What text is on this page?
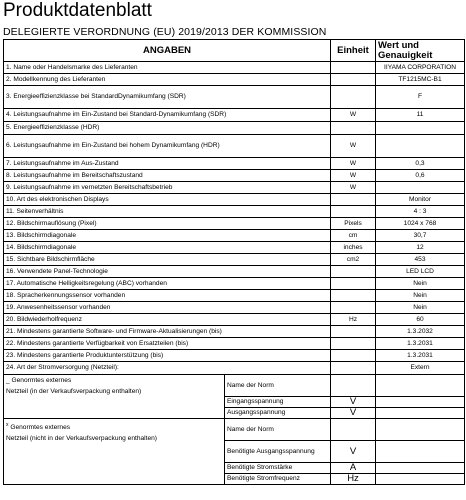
Produktdatenblatt
DELEGIERTE VERORDNUNG (EU) 2019/2013 DER KOMMISSION
ANGABEN		Einheit	Wert und Genauigkeit
1. Name oder Handelsmarke des Lieferanten			IIYAMA CORPORATION
2. Modellkennung des Lieferanten			TF1215MC-B1
3. Energieeffizienzklasse bei StandardDynamikumfang (SDR)			F
4. Leistungsaufnahme im Ein-Zustand bei Standard-Dynamikumfang (SDR)		W	11
5. Energieeffizienzklasse (HDR)			
6. Leistungsaufnahme im Ein-Zustand bei hohem Dynamikumfang (HDR)		W	
7. Leistungsaufnahme im Aus-Zustand		W	0,3
8. Leistungsaufnahme im Bereitschaftszustand		W	0,6
9. Leistungsaufnahme im vernetzten Bereitschaftsbetrieb		W	
10. Art des elektronischen Displays			Monitor
11. Seitenverhältnis			4 : 3
12. Bildschirmauflösung (Pixel)		Pixels	1024 x 768
13. Bildschirmdiagonale		cm	30,7
14. Bildschirmdiagonale		inches	12
15. Sichtbare Bildschirmfläche		cm2	453
16. Verwendete Panel-Technologie			LED LCD
17. Automatische Helligkeitsregelung (ABC) vorhanden			Nein
18. Spracherkennungssensor vorhanden			Nein
19. Anwesenheitssensor vorhanden			Nein
20. Bildwiederholfrequenz		Hz	60
21. Mindestens garantierte Software- und Firmware-Aktualisierungen (bis)			1.3.2032
22. Mindestens garantierte Verfügbarkeit von Ersatzteilen (bis)			1.3.2031
23. Mindestens garantierte Produktunterstützung (bis)			1.3.2031
24. Art der Stromversorgung (Netzteil):			Extern

_ Genormtes externes
Netzteil (in der Verkaufsverpackung enthalten)	Name der Norm		
	Eingangsspannung	V	
	Ausgangsspannung	V	

$^x$ Genormtes externes
Netzteil (nicht in der Verkaufsverpackung enthalten)	Name der Norm		
	Benötigte Ausgangsspannung	V	
	Benötigte Stromstärke	A	
	Benötigte Stromfrequenz	Hz	
